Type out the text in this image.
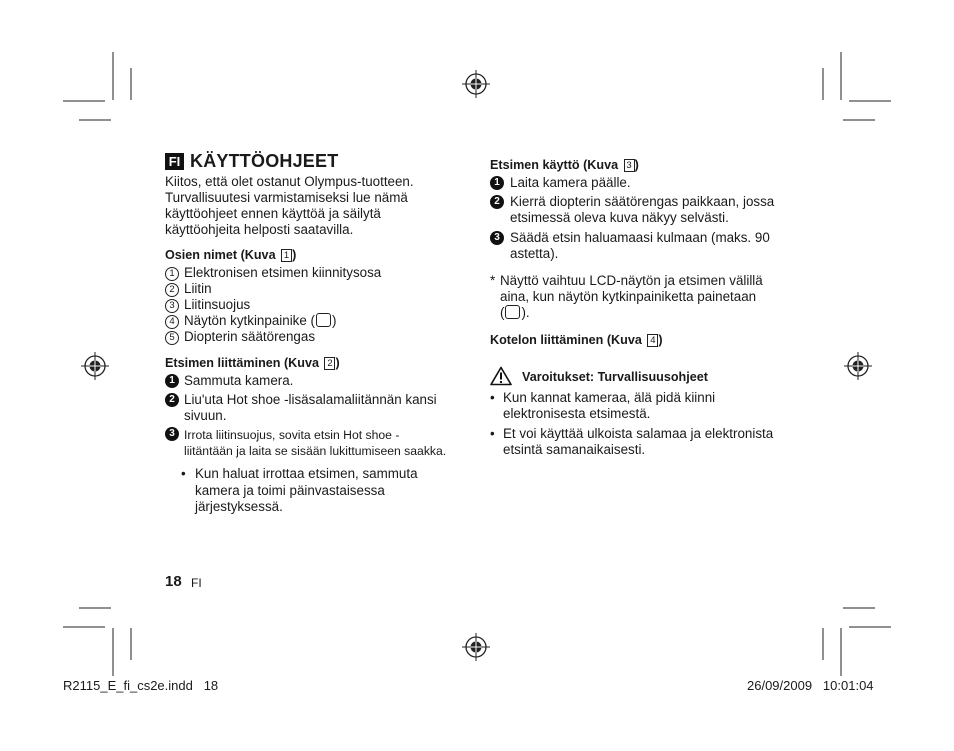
FI KÄYTTÖOHJEET
Kiitos, että olet ostanut Olympus-tuotteen.
Turvallisuutesi varmistamiseksi lue nämä
käyttöohjeet ennen käyttöä ja säilytä
käyttöohjeita helposti saatavilla.
Osien nimet (Kuva 1 )
1 Elektronisen etsimen kiinnitysosa
2 Liitin
3 Liitinsuojus
4 Näytön kytkinpainike ( )
5 Diopterin säätörengas
Etsimen liittäminen (Kuva 2 )
1 Sammuta kamera.
2 Liu'uta Hot shoe -lisäsalamaliitännän kansi
sivuun.
3 Irrota liitinsuojus, sovita etsin Hot shoe -
liitäntään ja laita se sisään lukittumiseen saakka.
• Kun haluat irrottaa etsimen, sammuta
kamera ja toimi päinvastaisessa
järjestyksessä.
18 FI
Etsimen käyttö (Kuva 3 )
1 Laita kamera päälle.
2 Kierrä diopterin säätörengas paikkaan, jossa
etsimessä oleva kuva näkyy selvästi.
3 Säädä etsin haluamaasi kulmaan (maks. 90
astetta).
* Näyttö vaihtuu LCD-näytön ja etsimen välillä
aina, kun näytön kytkinpainiketta painetaan
( ).
Kotelon liittäminen (Kuva 4 )
Varoitukset: Turvallisuusohjeet
• Kun kannat kameraa, älä pidä kiinni
elektronisesta etsimestä.
• Et voi käyttää ulkoista salamaa ja elektronista
etsintä samanaikaisesti.
R2115_E_fi_cs2e.indd 18	26/09/2009 10:01:04
